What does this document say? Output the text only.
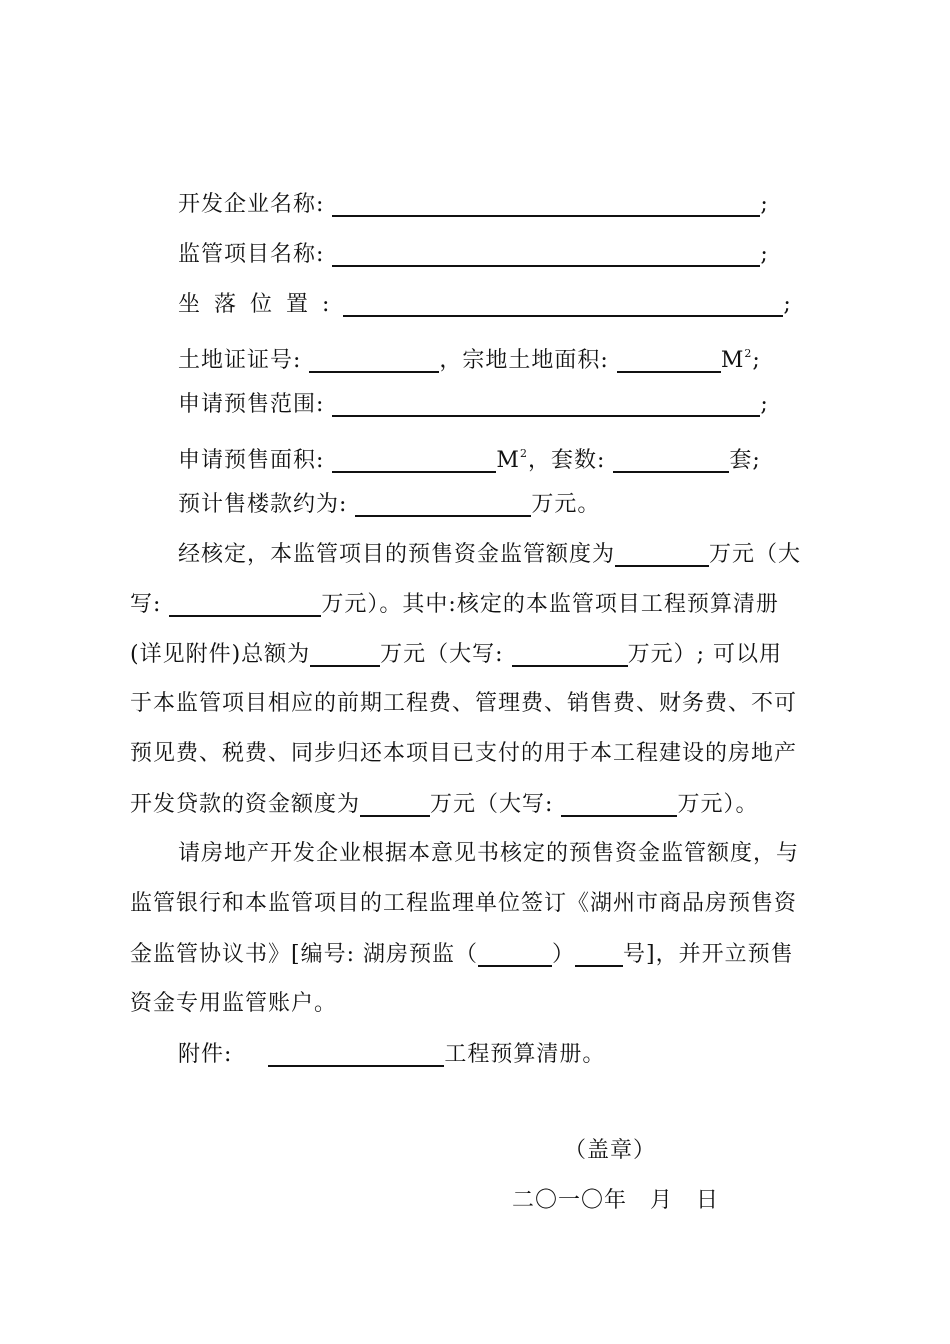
开发企业名称:	;
监管项目名称:	;
坐落位置:	;
土地证证号:	，宗地土地面积:	$M^2$;
申请预售范围:	;
申请预售面积:	$M^2$，套数:	套;
预计售楼款约为:	万元。
经核定，本监管项目的预售资金监管额度为	万元（大
写:	万元）。其中:核定的本监管项目工程预算清册
(详见附件)总额为	万元（大写:	万元）; 可以用
于本监管项目相应的前期工程费、管理费、销售费、财务费、不可
预见费、税费、同步归还本项目已支付的用于本工程建设的房地产
开发贷款的资金额度为	万元（大写:	万元）。
请房地产开发企业根据本意见书核定的预售资金监管额度，与
监管银行和本监管项目的工程监理单位签订《湖州市商品房预售资
金监管协议书》[编号: 湖房预监（	） 号]，并开立预售
资金专用监管账户。
附件:	工程预算清册。
（盖章）
二〇一〇年　月　日
